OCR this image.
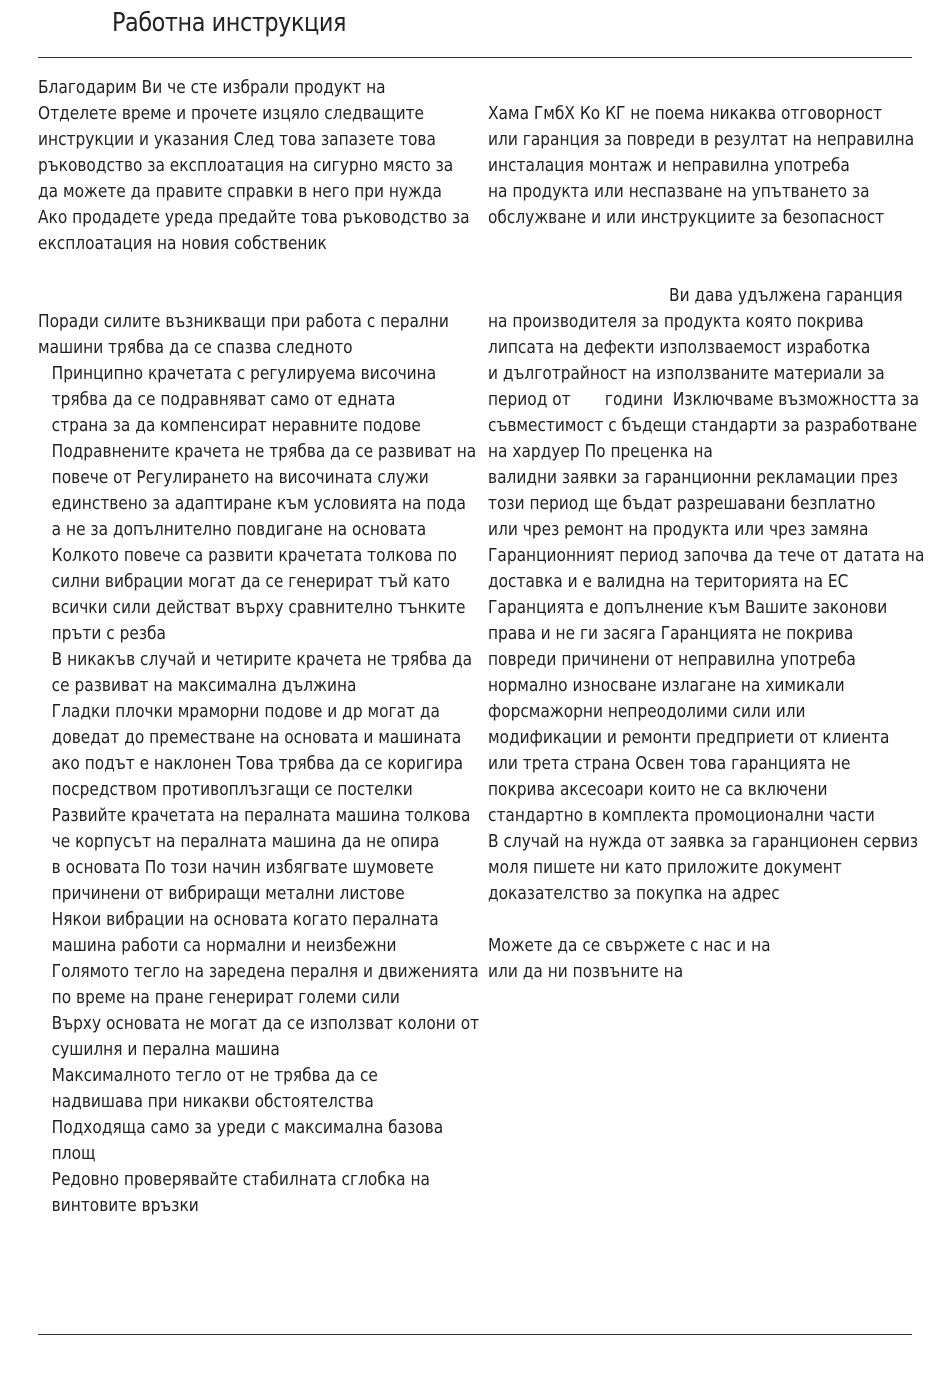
Работна инструкция
Благодарим Ви че сте избрали продукт на
Отделете време и прочете изцяло следващите
инструкции и указания След това запазете това
ръководство за експлоатация на сигурно място за
да можете да правите справки в него при нужда
Ако продадете уреда предайте това ръководство за
експлоатация на новия собственик
Поради силите възникващи при работа с перални
машини трябва да се спазва следното
Принципно крачетата с регулируема височина
трябва да се подравняват само от едната
страна за да компенсират неравните подове
Подравнените крачета не трябва да се развиват на
повече от Регулирането на височината служи
единствено за адаптиране към условията на пода
а не за допълнително повдигане на основата
Колкото повече са развити крачетата толкова по
силни вибрации могат да се генерират тъй като
всички сили действат върху сравнително тънките
пръти с резба
В никакъв случай и четирите крачета не трябва да
се развиват на максимална дължина
Гладки плочки мраморни подове и др могат да
доведат до преместване на основата и машината
ако подът е наклонен Това трябва да се коригира
посредством противоплъзгащи се постелки
Развийте крачетата на пералната машина толкова
че корпусът на пералната машина да не опира
в основата По този начин избягвате шумовете
причинени от вибриращи метални листове
Някои вибрации на основата когато пералната
машина работи са нормални и неизбежни
Голямото тегло на заредена пералня и движенията
по време на пране генерират големи сили
Върху основата не могат да се използват колони от
сушилня и перална машина
Максималното тегло от не трябва да се
надвишава при никакви обстоятелства
Подходяща само за уреди с максимална базова
площ
Редовно проверявайте стабилната сглобка на
винтовите връзки
Хама ГмбХ Ко КГ не поема никаква отговорност
или гаранция за повреди в резултат на неправилна
инсталация монтаж и неправилна употреба
на продукта или неспазване на упътването за
обслужване и или инструкциите за безопасност
Ви дава удължена гаранция
на производителя за продукта която покрива
липсата на дефекти използваемост изработка
и дълготрайност на използваните материали за
период от       години  Изключваме възможността за
съвместимост с бъдещи стандарти за разработване
на хардуер По преценка на
валидни заявки за гаранционни рекламации през
този период ще бъдат разрешавани безплатно
или чрез ремонт на продукта или чрез замяна
Гаранционният период започва да тече от датата на
доставка и е валидна на територията на ЕС
Гаранцията е допълнение към Вашите законови
права и не ги засяга Гаранцията не покрива
повреди причинени от неправилна употреба
нормално износване излагане на химикали
форсмажорни непреодолими сили или
модификации и ремонти предприети от клиента
или трета страна Освен това гаранцията не
покрива аксесоари които не са включени
стандартно в комплекта промоционални части
В случай на нужда от заявка за гаранционен сервиз
моля пишете ни като приложите документ
доказателство за покупка на адрес
Можете да се свържете с нас и на
или да ни позвъните на
